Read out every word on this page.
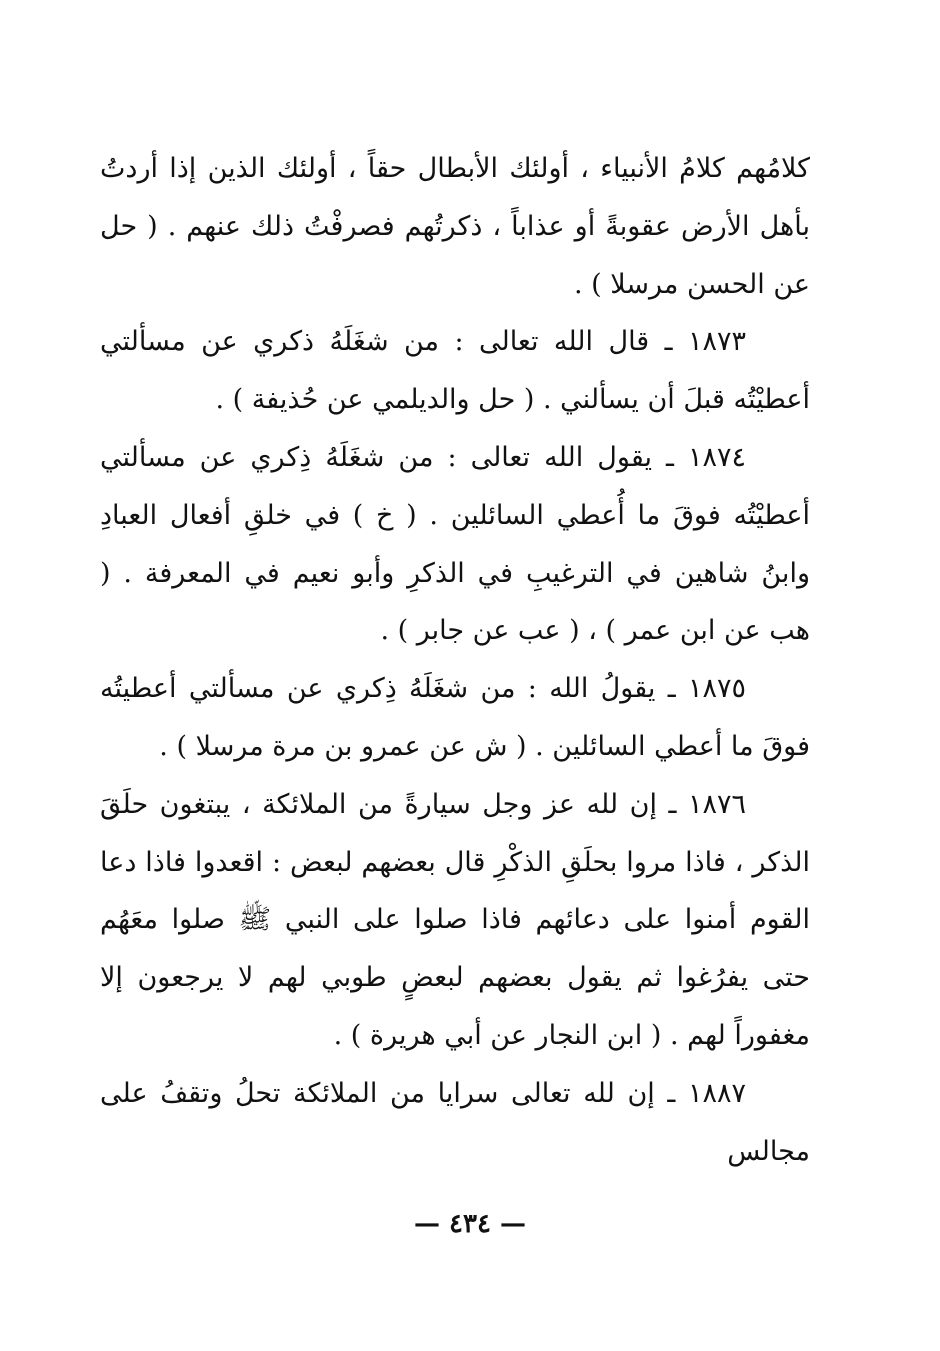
كلامُهم كلامُ الأنبياء ، أولئك الأبطال حقاً ، أولئك الذين إذا أردتُ بأهل الأرض عقوبةً أو عذاباً ، ذكرتُهم فصرفْتُ ذلك عنهم . ( حل عن الحسن مرسلا ) .

١٨٧٣ ـ قال الله تعالى : من شغَلَهُ ذكري عن مسألتي أعطيْتُه قبلَ أن يسألني . ( حل والديلمي عن حُذيفة ) .

١٨٧٤ ـ يقول الله تعالى : من شغَلَهُ ذِكري عن مسألتي أعطيْتُه فوقَ ما أُعطي السائلين . ( خ ) في خلقِ أفعال العبادِ وابنُ شاهين في الترغيبِ في الذكرِ وأبو نعيم في المعرفة . ( هب عن ابن عمر ) ، ( عب عن جابر ) .

١٨٧٥ ـ يقولُ الله : من شغَلَهُ ذِكري عن مسألتي أعطيتُه فوقَ ما أعطي السائلين . ( ش عن عمرو بن مرة مرسلا ) .

١٨٧٦ ـ إن لله عز وجل سيارةً من الملائكة ، يبتغون حلَقَ الذكر ، فاذا مروا بحلَقِ الذكْرِ قال بعضهم لبعض : اقعدوا فاذا دعا القوم أمنوا على دعائهم فاذا صلوا على النبي ﷺ صلوا معَهُم حتى يفرُغوا ثم يقول بعضهم لبعضٍ طوبي لهم لا يرجعون إلا مغفوراً لهم . ( ابن النجار عن أبي هريرة ) .

١٨٨٧ ـ إن لله تعالى سرايا من الملائكة تحلُ وتقفُ على مجالس

— ٤٣٤ —
